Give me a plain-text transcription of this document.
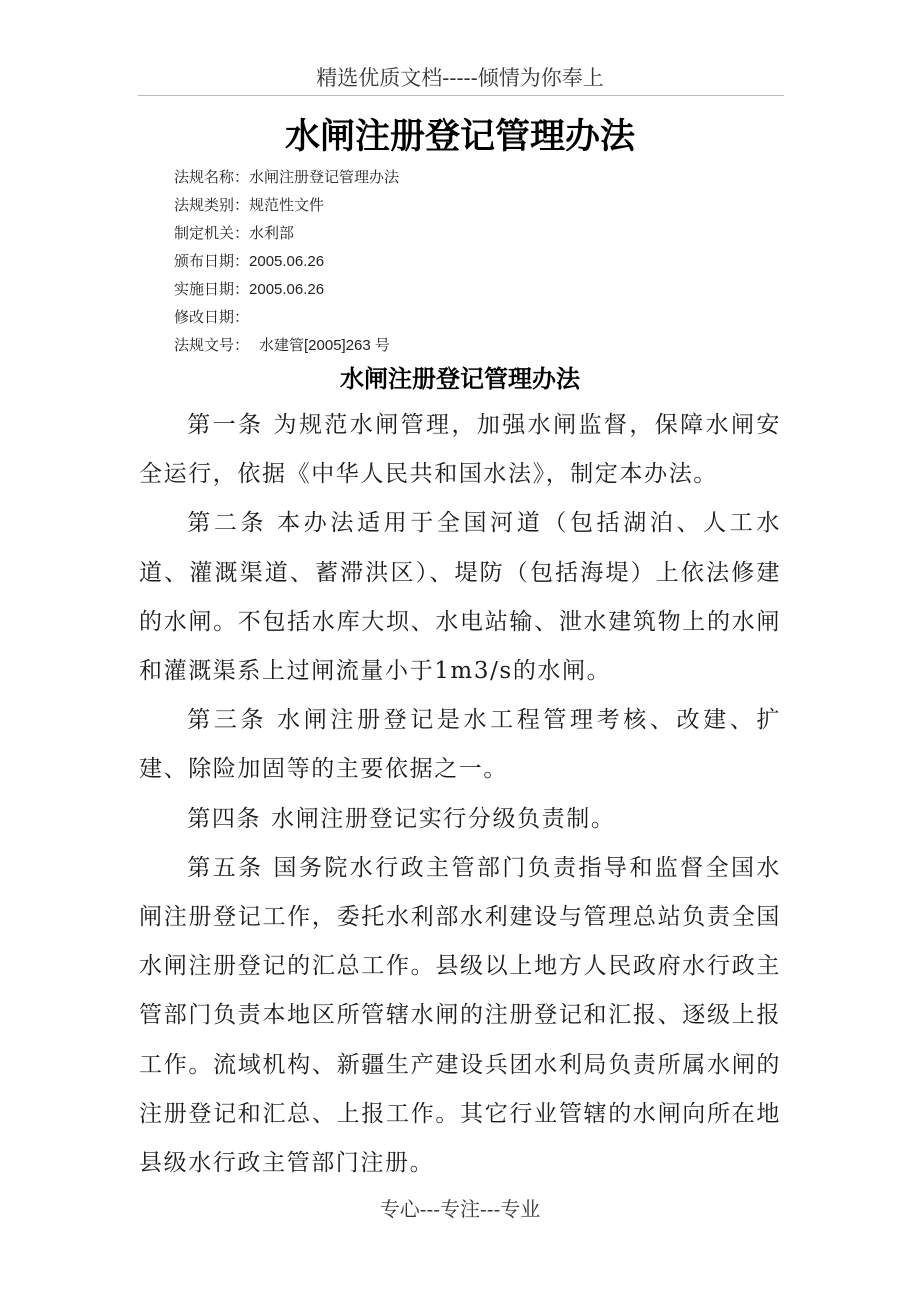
精选优质文档-----倾情为你奉上
水闸注册登记管理办法
法规名称：水闸注册登记管理办法
法规类别：规范性文件
制定机关：水利部
颁布日期：2005.06.26
实施日期：2005.06.26
修改日期：
法规文号： 水建管[2005]263 号
水闸注册登记管理办法

第一条 为规范水闸管理，加强水闸监督，保障水闸安全运行，依据《中华人民共和国水法》，制定本办法。

第二条 本办法适用于全国河道（包括湖泊、人工水道、灌溉渠道、蓄滞洪区）、堤防（包括海堤）上依法修建的水闸。不包括水库大坝、水电站输、泄水建筑物上的水闸和灌溉渠系上过闸流量小于1m3/s的水闸。

第三条 水闸注册登记是水工程管理考核、改建、扩建、除险加固等的主要依据之一。

第四条 水闸注册登记实行分级负责制。

第五条 国务院水行政主管部门负责指导和监督全国水闸注册登记工作，委托水利部水利建设与管理总站负责全国水闸注册登记的汇总工作。县级以上地方人民政府水行政主管部门负责本地区所管辖水闸的注册登记和汇报、逐级上报工作。流域机构、新疆生产建设兵团水利局负责所属水闸的注册登记和汇总、上报工作。其它行业管辖的水闸向所在地县级水行政主管部门注册。

专心---专注---专业
